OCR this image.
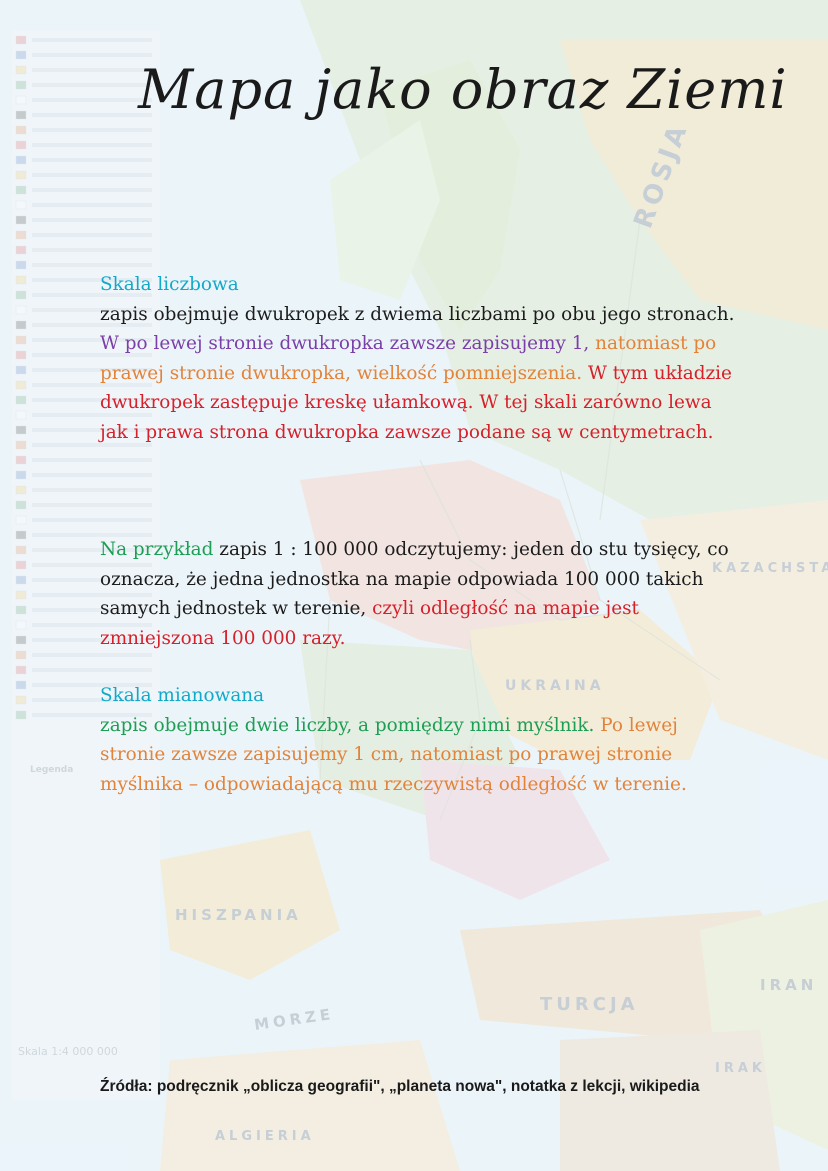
Mapa jako obraz Ziemi
Skala liczbowa
zapis obejmuje dwukropek z dwiema liczbami po obu jego stronach. W po lewej stronie dwukropka zawsze zapisujemy 1, natomiast po prawej stronie dwukropka, wielkość pomniejszenia. W tym układzie dwukropek zastępuje kreskę ułamkową. W tej skali zarówno lewa jak i prawa strona dwukropka zawsze podane są w centymetrach.
Na przykład zapis 1 : 100 000 odczytujemy: jeden do stu tysięcy, co oznacza, że jedna jednostka na mapie odpowiada 100 000 takich samych jednostek w terenie, czyli odległość na mapie jest zmniejszona 100 000 razy.
Skala mianowana
zapis obejmuje dwie liczby, a pomiędzy nimi myślnik. Po lewej stronie zawsze zapisujemy 1 cm, natomiast po prawej stronie myślnika – odpowiadającą mu rzeczywistą odległość w terenie.
Źródła: podręcznik „oblicza geografii", „planeta nowa", notatka z lekcji, wikipedia
